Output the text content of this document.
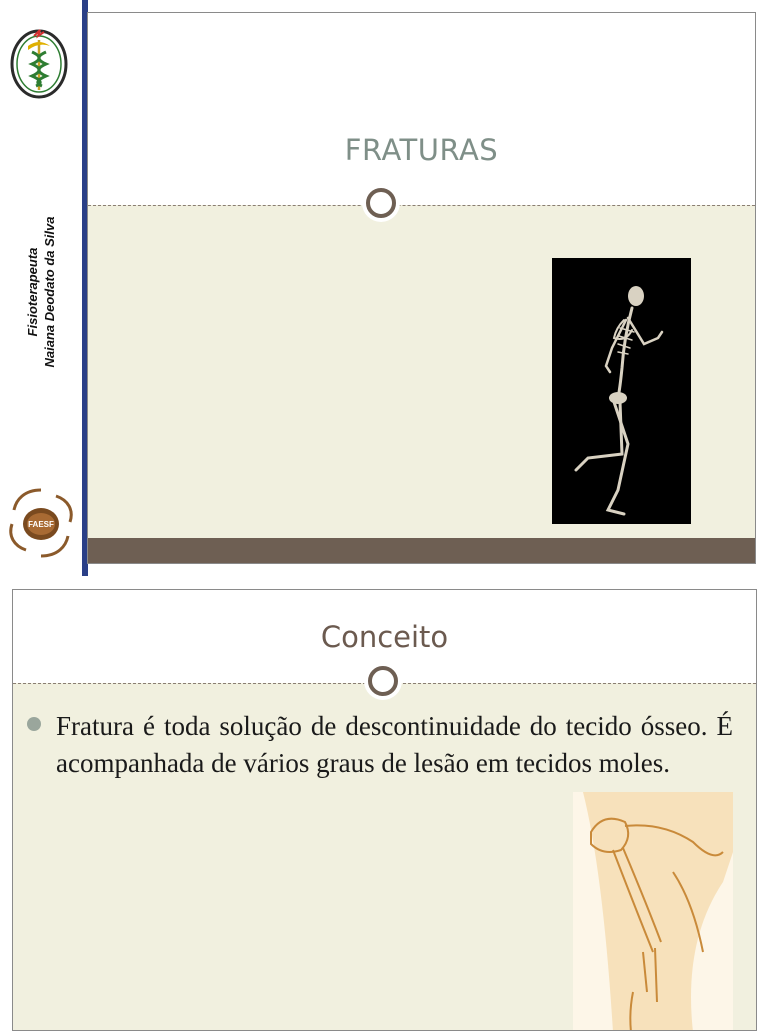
Fisioterapeuta Naiana Deodato da Silva
FAESF
FRATURAS
Conceito
Fratura é toda solução de descontinuidade do tecido ósseo. É acompanhada de vários graus de lesão em tecidos moles.
